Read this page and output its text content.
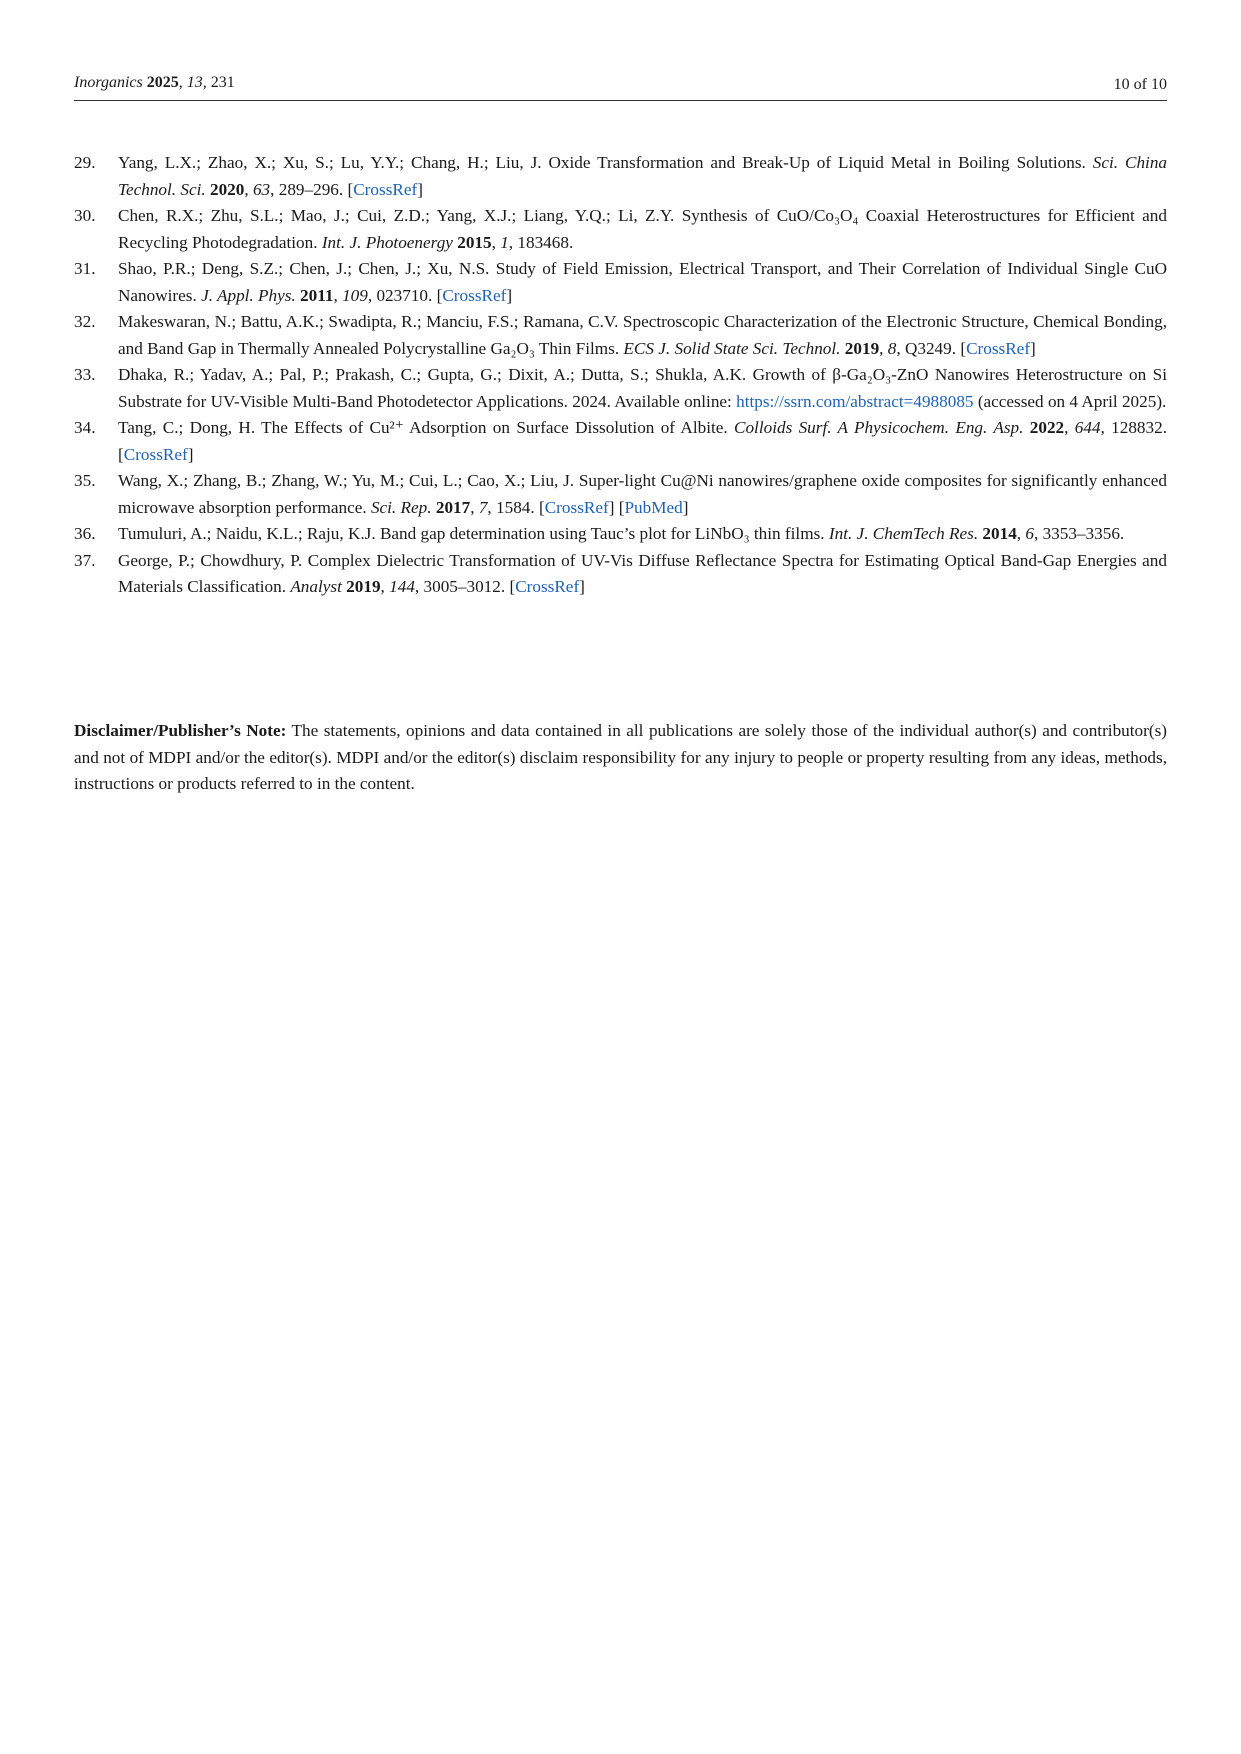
Inorganics 2025, 13, 231	10 of 10
29. Yang, L.X.; Zhao, X.; Xu, S.; Lu, Y.Y.; Chang, H.; Liu, J. Oxide Transformation and Break-Up of Liquid Metal in Boiling Solutions. Sci. China Technol. Sci. 2020, 63, 289–296. [CrossRef]
30. Chen, R.X.; Zhu, S.L.; Mao, J.; Cui, Z.D.; Yang, X.J.; Liang, Y.Q.; Li, Z.Y. Synthesis of CuO/Co₃O₄ Coaxial Heterostructures for Efficient and Recycling Photodegradation. Int. J. Photoenergy 2015, 1, 183468.
31. Shao, P.R.; Deng, S.Z.; Chen, J.; Chen, J.; Xu, N.S. Study of Field Emission, Electrical Transport, and Their Correlation of Individual Single CuO Nanowires. J. Appl. Phys. 2011, 109, 023710. [CrossRef]
32. Makeswaran, N.; Battu, A.K.; Swadipta, R.; Manciu, F.S.; Ramana, C.V. Spectroscopic Characterization of the Electronic Structure, Chemical Bonding, and Band Gap in Thermally Annealed Polycrystalline Ga₂O₃ Thin Films. ECS J. Solid State Sci. Technol. 2019, 8, Q3249. [CrossRef]
33. Dhaka, R.; Yadav, A.; Pal, P.; Prakash, C.; Gupta, G.; Dixit, A.; Dutta, S.; Shukla, A.K. Growth of β-Ga₂O₃-ZnO Nanowires Heterostructure on Si Substrate for UV-Visible Multi-Band Photodetector Applications. 2024. Available online: https://ssrn.com/abstract=4988085 (accessed on 4 April 2025).
34. Tang, C.; Dong, H. The Effects of Cu²⁺ Adsorption on Surface Dissolution of Albite. Colloids Surf. A Physicochem. Eng. Asp. 2022, 644, 128832. [CrossRef]
35. Wang, X.; Zhang, B.; Zhang, W.; Yu, M.; Cui, L.; Cao, X.; Liu, J. Super-light Cu@Ni nanowires/graphene oxide composites for significantly enhanced microwave absorption performance. Sci. Rep. 2017, 7, 1584. [CrossRef] [PubMed]
36. Tumuluri, A.; Naidu, K.L.; Raju, K.J. Band gap determination using Tauc’s plot for LiNbO₃ thin films. Int. J. ChemTech Res. 2014, 6, 3353–3356.
37. George, P.; Chowdhury, P. Complex Dielectric Transformation of UV-Vis Diffuse Reflectance Spectra for Estimating Optical Band-Gap Energies and Materials Classification. Analyst 2019, 144, 3005–3012. [CrossRef]
Disclaimer/Publisher’s Note: The statements, opinions and data contained in all publications are solely those of the individual author(s) and contributor(s) and not of MDPI and/or the editor(s). MDPI and/or the editor(s) disclaim responsibility for any injury to people or property resulting from any ideas, methods, instructions or products referred to in the content.
